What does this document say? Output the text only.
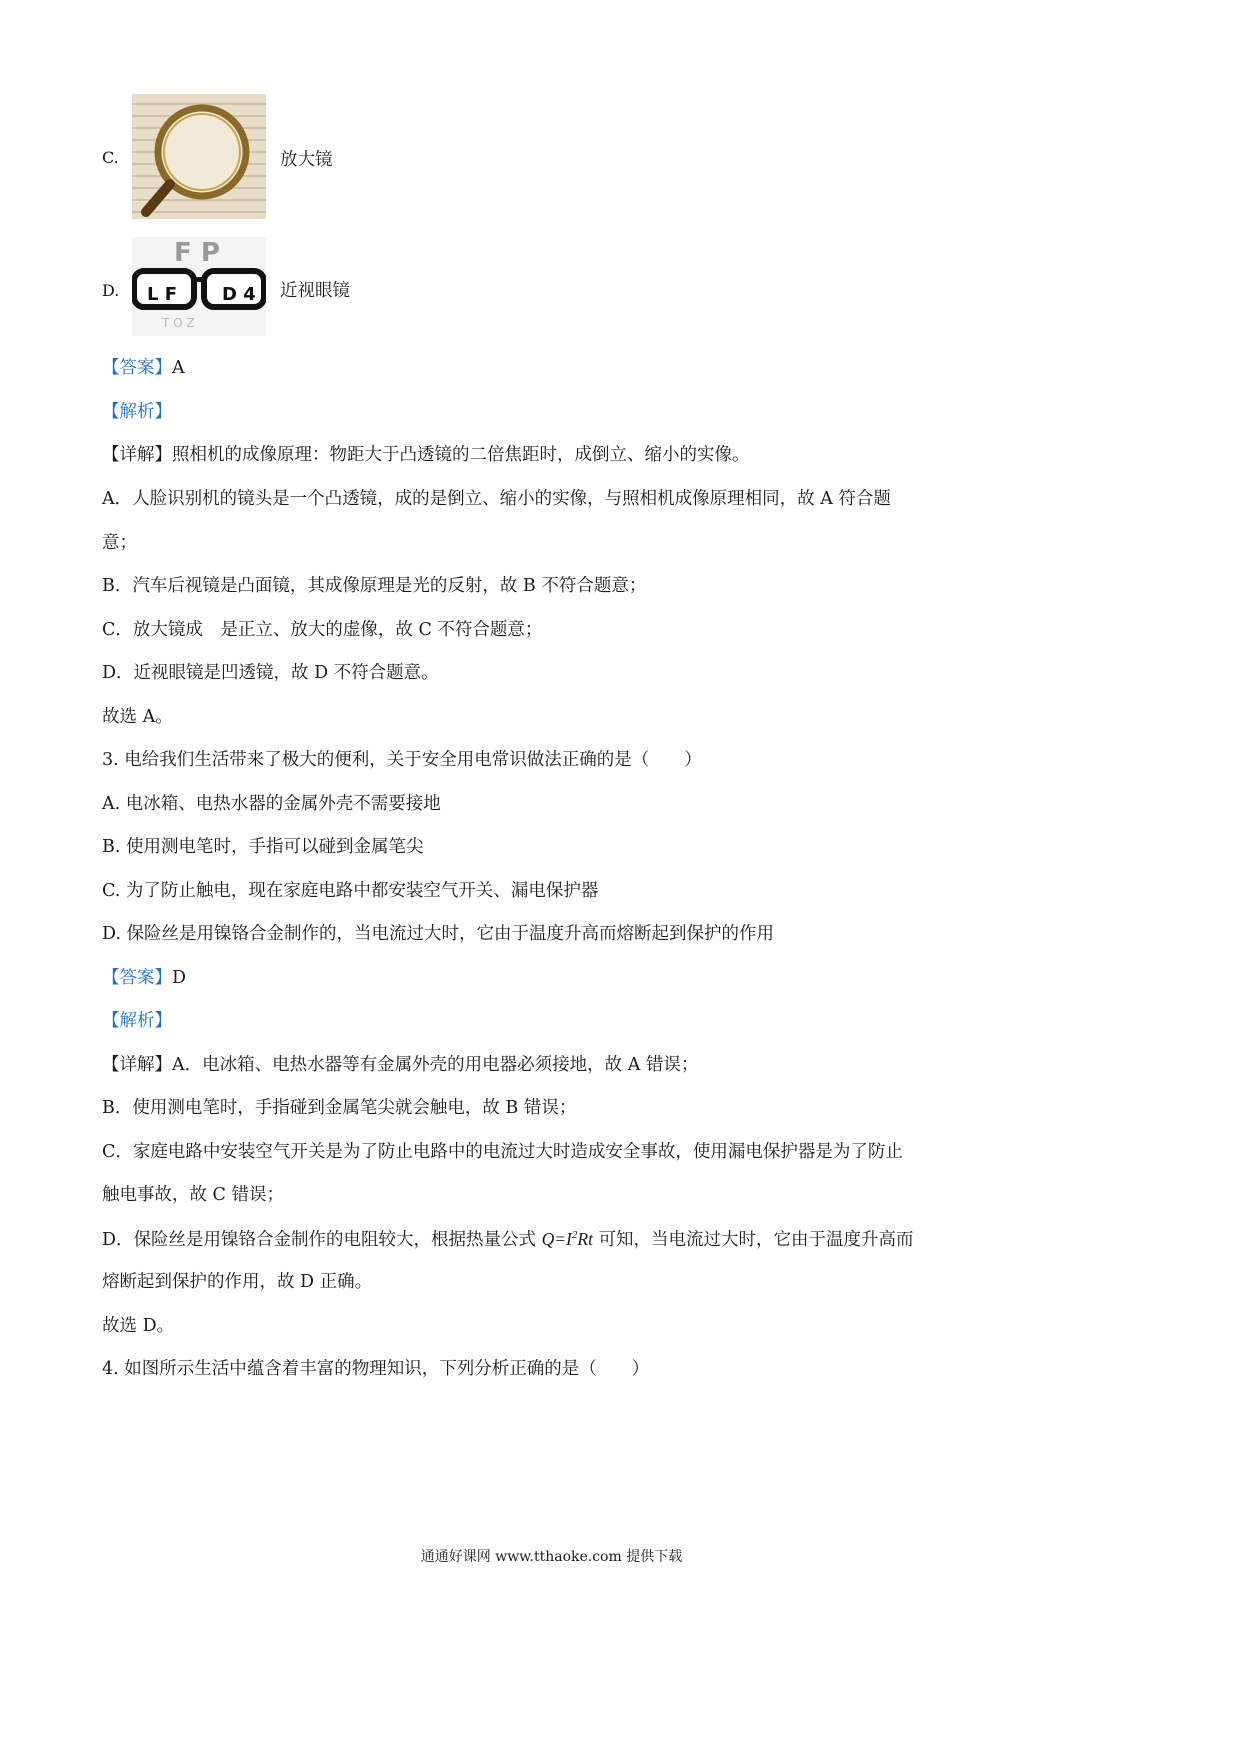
C.	放大镜
F P
T O Z
L F D 4
D.	近视眼镜
【答案】A
【解析】
【详解】照相机的成像原理：物距大于凸透镜的二倍焦距时，成倒立、缩小的实像。
A．人脸识别机的镜头是一个凸透镜，成的是倒立、缩小的实像，与照相机成像原理相同，故 A 符合题
意；
B．汽车后视镜是凸面镜，其成像原理是光的反射，故 B 不符合题意；
C．放大镜成　是正立、放大的虚像，故 C 不符合题意；
D．近视眼镜是凹透镜，故 D 不符合题意。
故选 A。
3. 电给我们生活带来了极大的便利，关于安全用电常识做法正确的是（　　）
A. 电冰箱、电热水器的金属外壳不需要接地
B. 使用测电笔时，手指可以碰到金属笔尖
C. 为了防止触电，现在家庭电路中都安装空气开关、漏电保护器
D. 保险丝是用镍铬合金制作的，当电流过大时，它由于温度升高而熔断起到保护的作用
【答案】D
【解析】
【详解】A．电冰箱、电热水器等有金属外壳的用电器必须接地，故 A 错误；
B．使用测电笔时，手指碰到金属笔尖就会触电，故 B 错误；
C．家庭电路中安装空气开关是为了防止电路中的电流过大时造成安全事故，使用漏电保护器是为了防止
触电事故，故 C 错误；
D．保险丝是用镍铬合金制作的电阻较大，根据热量公式 $Q=I^2Rt$ 可知，当电流过大时，它由于温度升高而
熔断起到保护的作用，故 D 正确。
故选 D。
4. 如图所示生活中蕴含着丰富的物理知识，下列分析正确的是（　　）
通通好课网 www.tthaoke.com 提供下载
